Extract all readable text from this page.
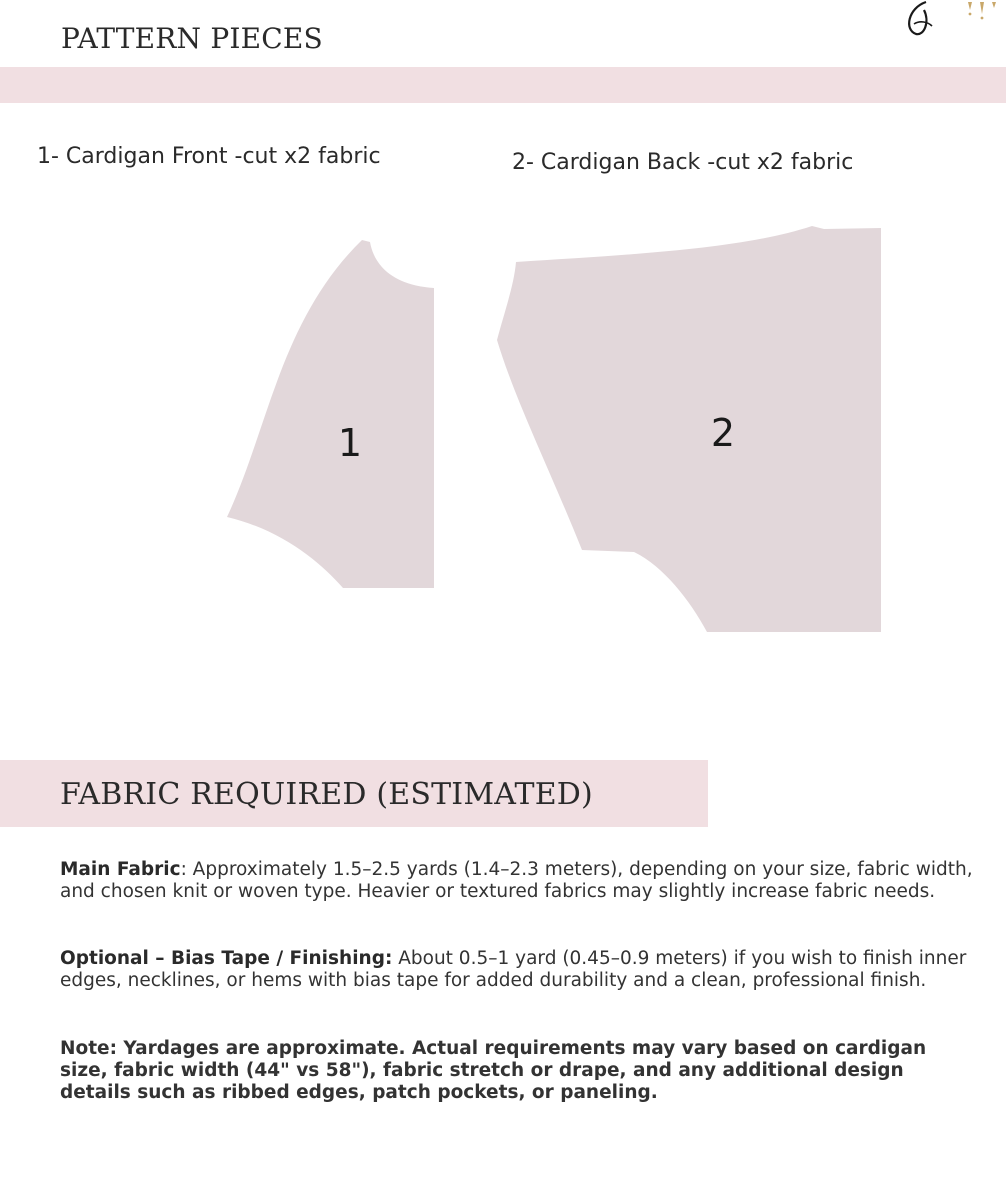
PATTERN PIECES
1- Cardigan Front -cut x2 fabric	2- Cardigan Back -cut x2 fabric
1	2
FABRIC REQUIRED (ESTIMATED)

Main Fabric: Approximately 1.5–2.5 yards (1.4–2.3 meters), depending on your size, fabric width, and chosen knit or woven type. Heavier or textured fabrics may slightly increase fabric needs.

Optional – Bias Tape / Finishing: About 0.5–1 yard (0.45–0.9 meters) if you wish to finish inner edges, necklines, or hems with bias tape for added durability and a clean, professional finish.

Note: Yardages are approximate. Actual requirements may vary based on cardigan size, fabric width (44" vs 58"), fabric stretch or drape, and any additional design details such as ribbed edges, patch pockets, or paneling.
